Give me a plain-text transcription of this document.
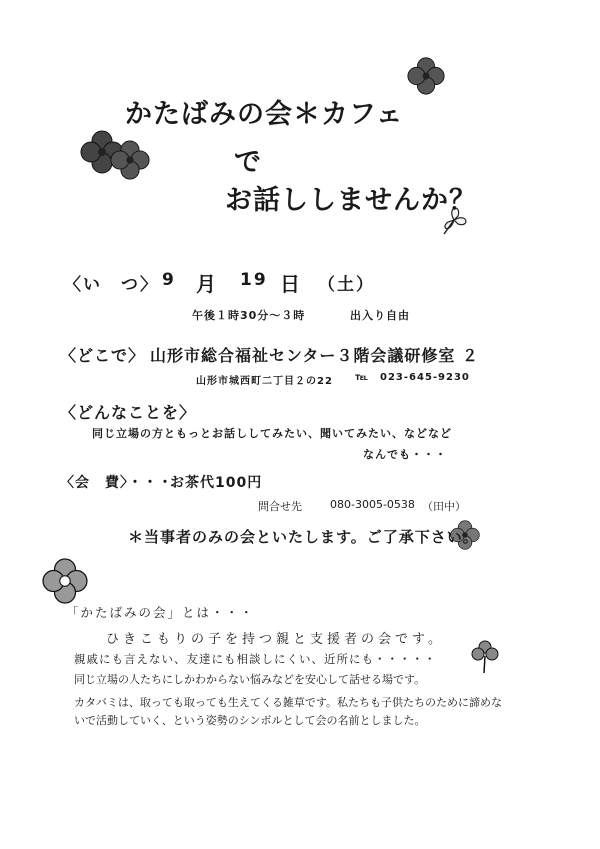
かたばみの会＊カフェ
で
お話ししませんか？
〈い　つ〉 9 月 19 日 （土）
午後１時30分～３時	出入り自由
〈どこで〉 山形市総合福祉センター３階会議研修室 ２
山形市城西町二丁目２の22 ℡ 023-645-9230
〈どんなことを〉
同じ立場の方ともっとお話ししてみたい、聞いてみたい、などなど
なんでも・・・
〈会　費〉・・・
お茶代100円
問合せ先	080-3005-0538 （田中）
＊当事者のみの会といたします。ご了承下さい。
「かたばみの会」とは・・・
ひきこもりの子を持つ親と支援者の会です。
親戚にも言えない、友達にも相談しにくい、近所にも・・・・・
同じ立場の人たちにしかわからない悩みなどを安心して話せる場です。
カタバミは、取っても取っても生えてくる雑草です。私たちも子供たちのために諦めないで活動していく、という姿勢のシンボルとして会の名前としました。
